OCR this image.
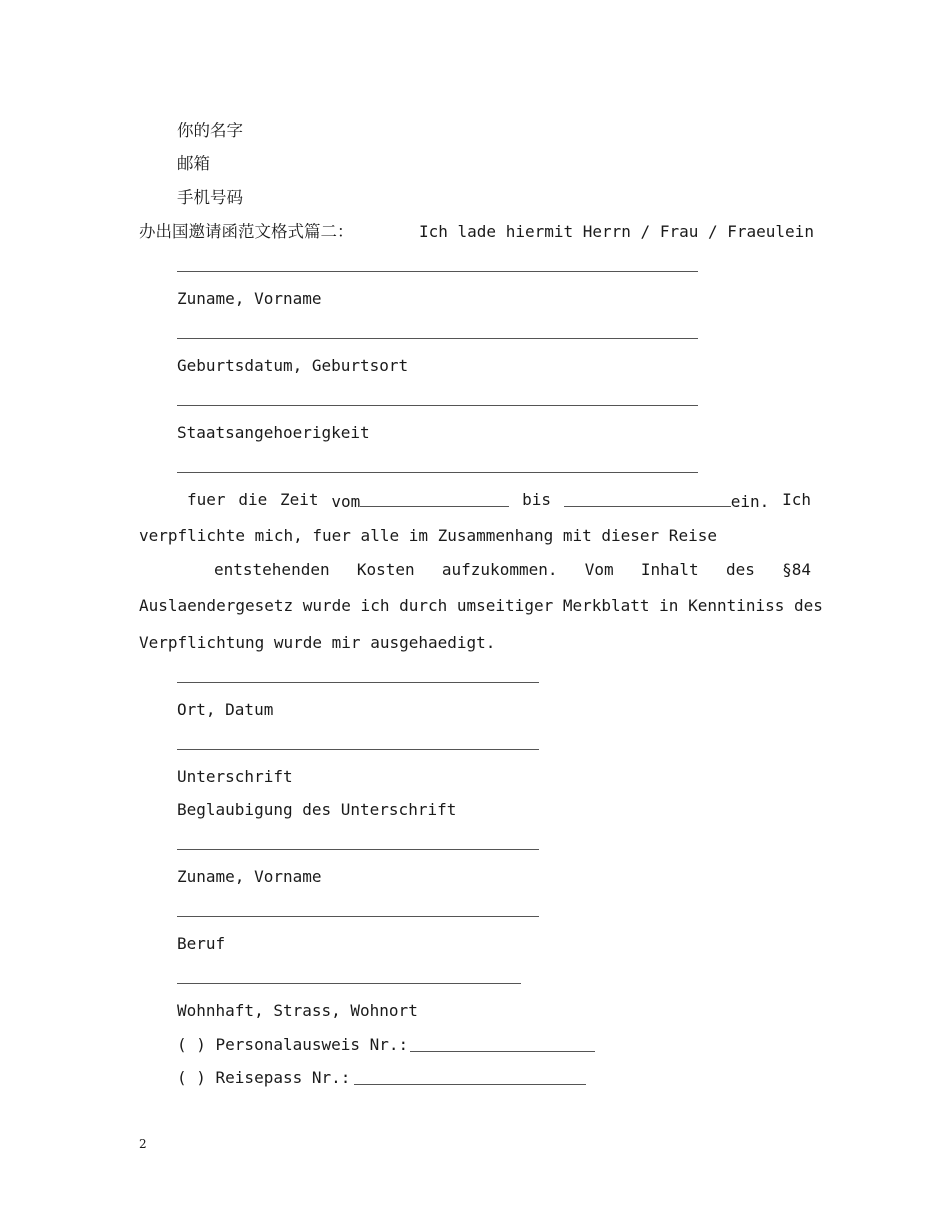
你的名字
邮箱
手机号码
办出国邀请函范文格式篇二：	Ich lade hiermit Herrn / Frau / Fraeulein
Zuname, Vorname
Geburtsdatum, Geburtsort
Staatsangehoerigkeit
fuer die Zeit vom	bis	ein. Ich
verpflichte mich, fuer alle im Zusammenhang mit dieser Reise
entstehenden Kosten aufzukommen. Vom Inhalt des §84
Auslaendergesetz wurde ich durch umseitiger Merkblatt in Kenntiniss des
Verpflichtung wurde mir ausgehaedigt.
Ort, Datum
Unterschrift
Beglaubigung des Unterschrift
Zuname, Vorname
Beruf
Wohnhaft, Strass, Wohnort
( ) Personalausweis Nr.:
( ) Reisepass Nr.:
2
